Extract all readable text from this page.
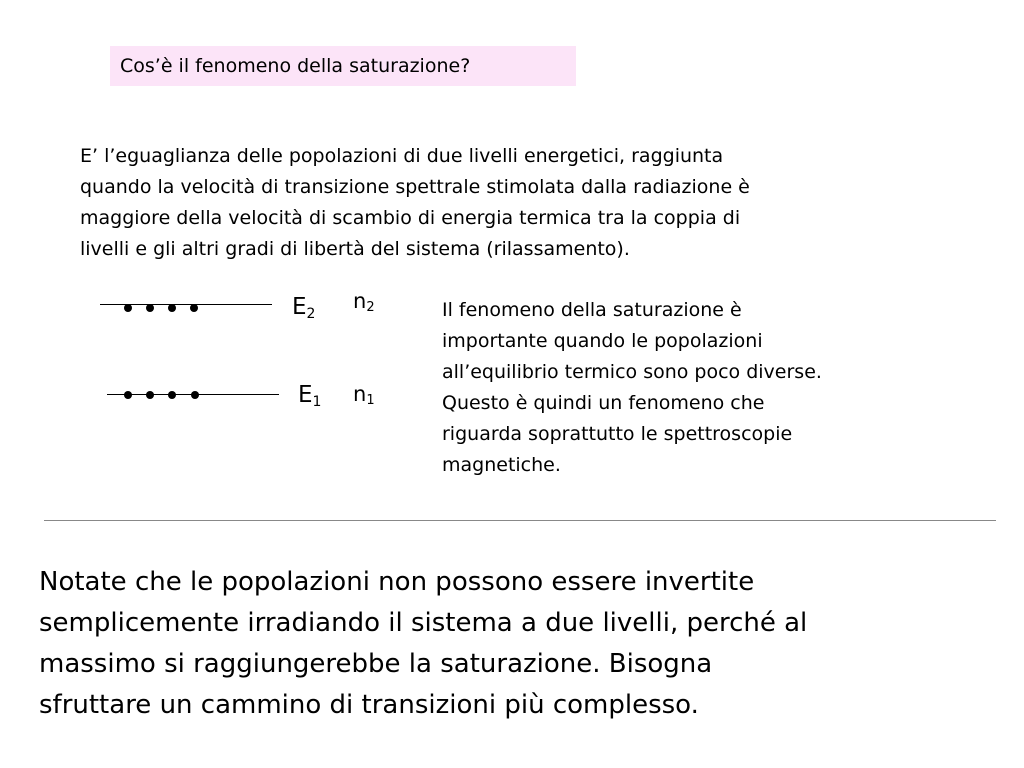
Cos’è il fenomeno della saturazione?
E’ l’eguaglianza delle popolazioni di due livelli energetici, raggiunta
quando la velocità di transizione spettrale stimolata dalla radiazione è
maggiore della velocità di scambio di energia termica tra la coppia di
livelli e gli altri gradi di libertà del sistema (rilassamento).
$E_2$
$n_2$
$E_1$ $n_1$
Il fenomeno della saturazione è
importante quando le popolazioni
all’equilibrio termico sono poco diverse.
Questo è quindi un fenomeno che
riguarda soprattutto le spettroscopie
magnetiche.
Notate che le popolazioni non possono essere invertite
semplicemente irradiando il sistema a due livelli, perché al
massimo si raggiungerebbe la saturazione. Bisogna
sfruttare un cammino di transizioni più complesso.
